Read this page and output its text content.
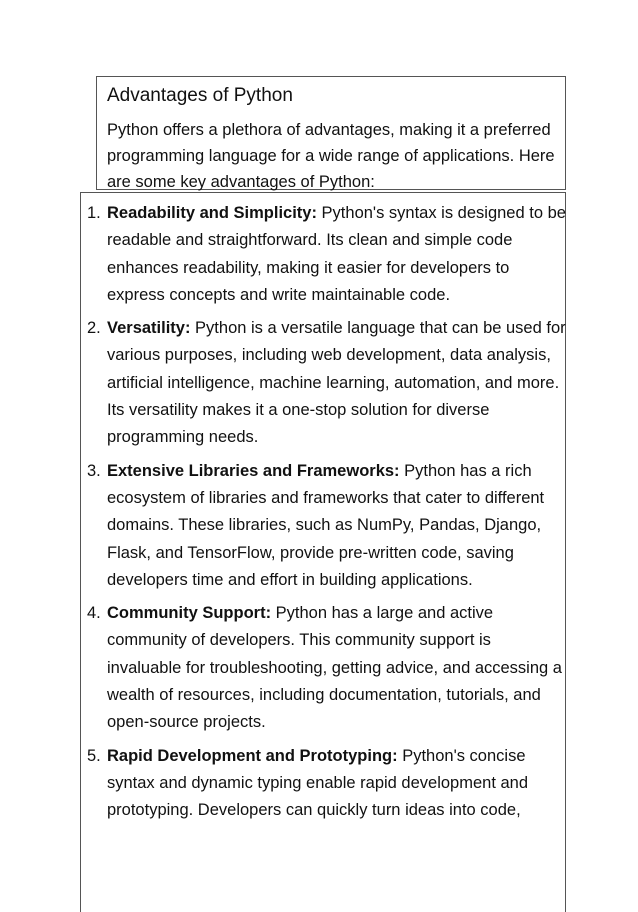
Advantages of Python

Python offers a plethora of advantages, making it a preferred programming language for a wide range of applications. Here are some key advantages of Python:

1. Readability and Simplicity: Python's syntax is designed to be readable and straightforward. Its clean and simple code enhances readability, making it easier for developers to express concepts and write maintainable code.
2. Versatility: Python is a versatile language that can be used for various purposes, including web development, data analysis, artificial intelligence, machine learning, automation, and more. Its versatility makes it a one-stop solution for diverse programming needs.
3. Extensive Libraries and Frameworks: Python has a rich ecosystem of libraries and frameworks that cater to different domains. These libraries, such as NumPy, Pandas, Django, Flask, and TensorFlow, provide pre-written code, saving developers time and effort in building applications.
4. Community Support: Python has a large and active community of developers. This community support is invaluable for troubleshooting, getting advice, and accessing a wealth of resources, including documentation, tutorials, and open-source projects.
5. Rapid Development and Prototyping: Python's concise syntax and dynamic typing enable rapid development and prototyping. Developers can quickly turn ideas into code,
